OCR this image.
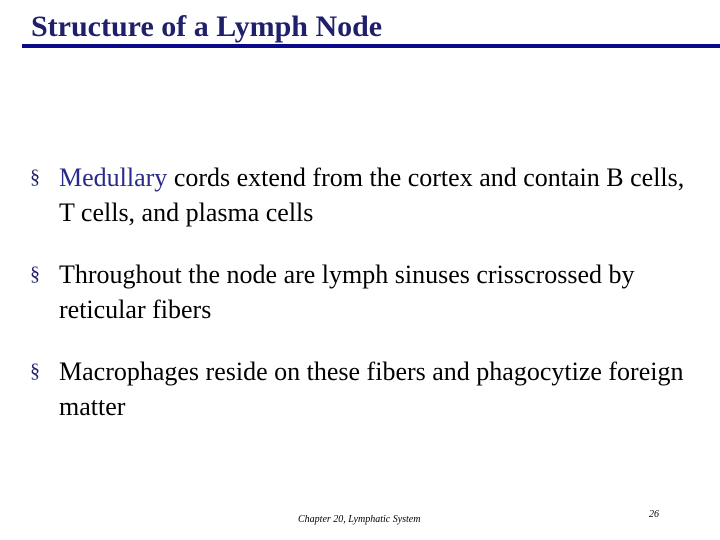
Structure of a Lymph Node
§ Medullary cords extend from the cortex and contain B cells, T cells, and plasma cells
§ Throughout the node are lymph sinuses crisscrossed by reticular fibers
§ Macrophages reside on these fibers and phagocytize foreign matter
Chapter 20, Lymphatic System	26
